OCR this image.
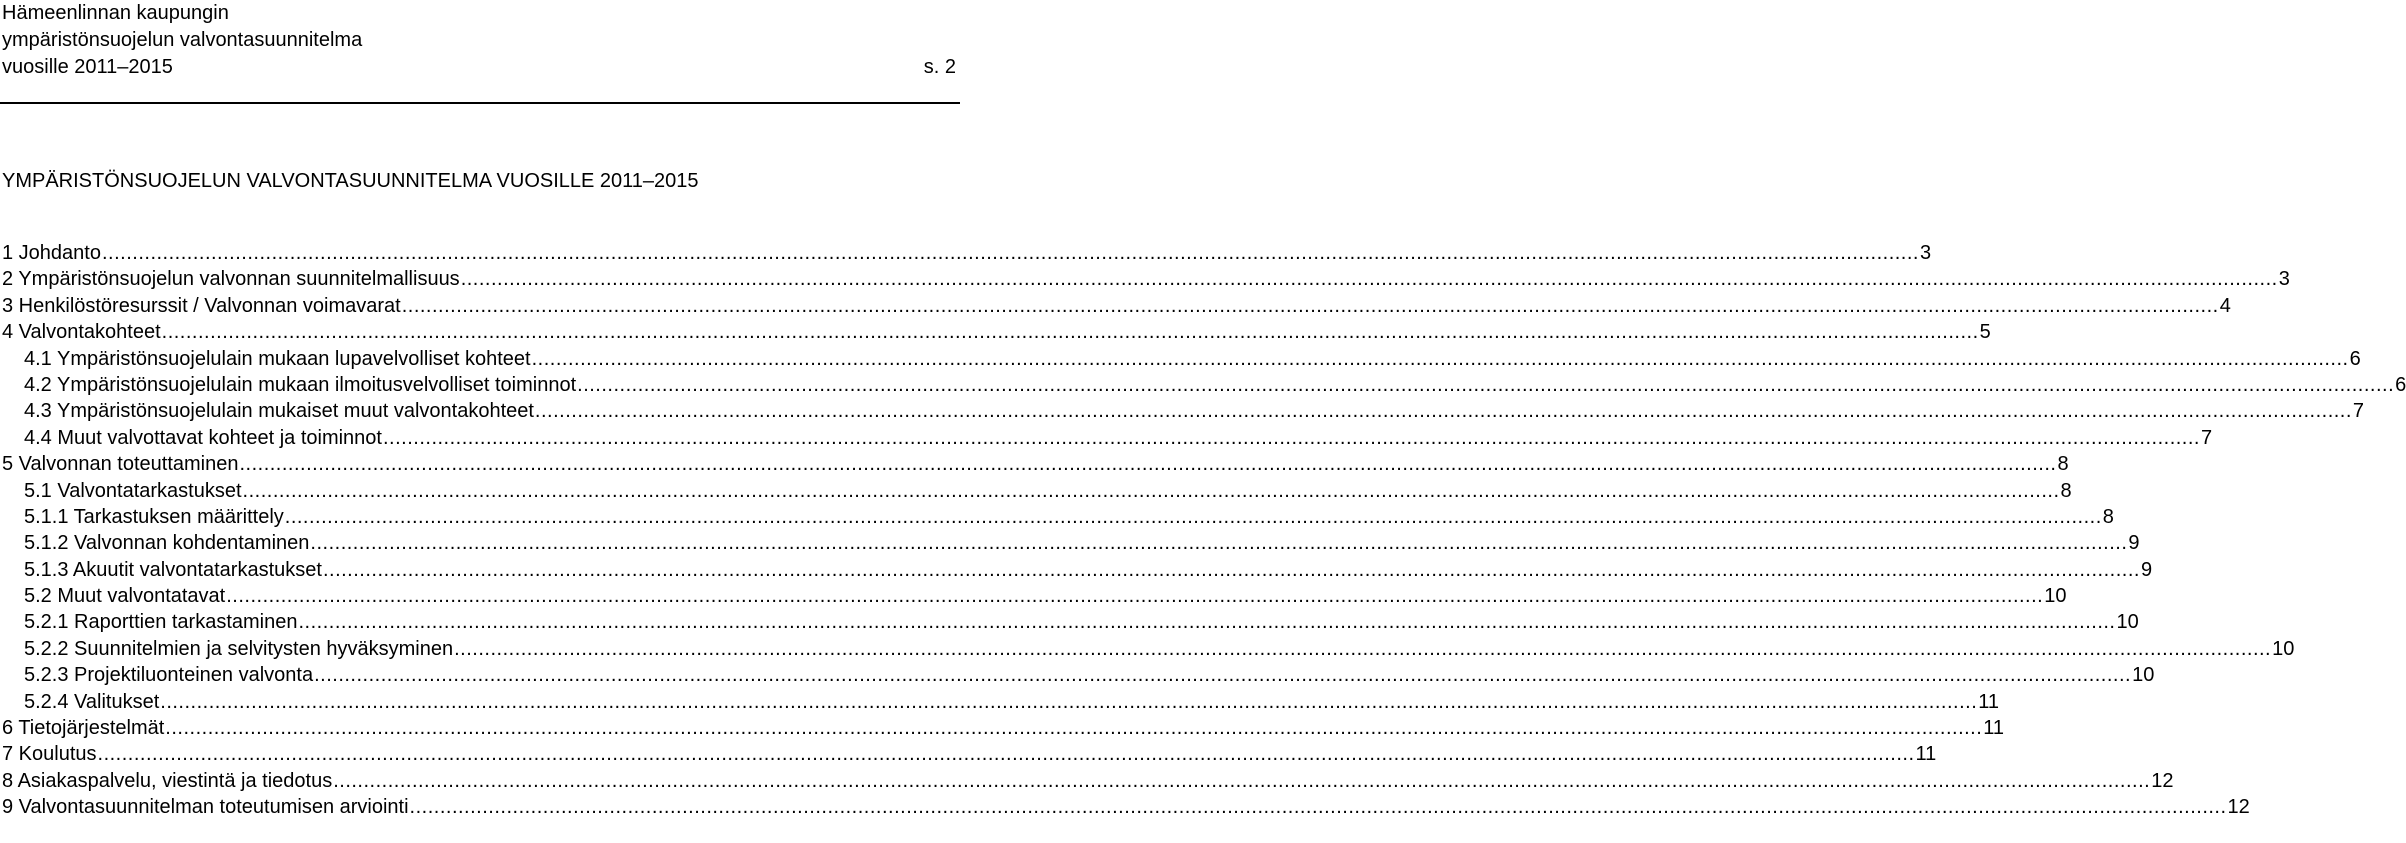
Hämeenlinnan kaupungin
ympäristönsuojelun valvontasuunnitelma
vuosille 2011–2015	s. 2
YMPÄRISTÖNSUOJELUN VALVONTASUUNNITELMA VUOSILLE 2011–2015
1 Johdanto ............................................................................................................................................................................................................................................................................................................ 3
2 Ympäristönsuojelun valvonnan suunnitelmallisuus ............................................................................................................................................................................................................................................................................................................ 3
3 Henkilöstöresurssit / Valvonnan voimavarat ............................................................................................................................................................................................................................................................................................................ 4
4 Valvontakohteet ............................................................................................................................................................................................................................................................................................................ 5
4.1 Ympäristönsuojelulain mukaan lupavelvolliset kohteet ............................................................................................................................................................................................................................................................................................................ 6
4.2 Ympäristönsuojelulain mukaan ilmoitusvelvolliset toiminnot ............................................................................................................................................................................................................................................................................................................ 6
4.3 Ympäristönsuojelulain mukaiset muut valvontakohteet ............................................................................................................................................................................................................................................................................................................ 7
4.4 Muut valvottavat kohteet ja toiminnot ............................................................................................................................................................................................................................................................................................................ 7
5 Valvonnan toteuttaminen ............................................................................................................................................................................................................................................................................................................ 8
5.1 Valvontatarkastukset ............................................................................................................................................................................................................................................................................................................ 8
5.1.1 Tarkastuksen määrittely ............................................................................................................................................................................................................................................................................................................ 8
5.1.2 Valvonnan kohdentaminen ............................................................................................................................................................................................................................................................................................................ 9
5.1.3 Akuutit valvontatarkastukset ............................................................................................................................................................................................................................................................................................................ 9
5.2 Muut valvontatavat ............................................................................................................................................................................................................................................................................................................ 10
5.2.1 Raporttien tarkastaminen ............................................................................................................................................................................................................................................................................................................ 10
5.2.2 Suunnitelmien ja selvitysten hyväksyminen ............................................................................................................................................................................................................................................................................................................ 10
5.2.3 Projektiluonteinen valvonta ............................................................................................................................................................................................................................................................................................................ 10
5.2.4 Valitukset ............................................................................................................................................................................................................................................................................................................ 11
6 Tietojärjestelmät ............................................................................................................................................................................................................................................................................................................ 11
7 Koulutus ............................................................................................................................................................................................................................................................................................................ 11
8 Asiakaspalvelu, viestintä ja tiedotus ............................................................................................................................................................................................................................................................................................................ 12
9 Valvontasuunnitelman toteutumisen arviointi ............................................................................................................................................................................................................................................................................................................ 12
